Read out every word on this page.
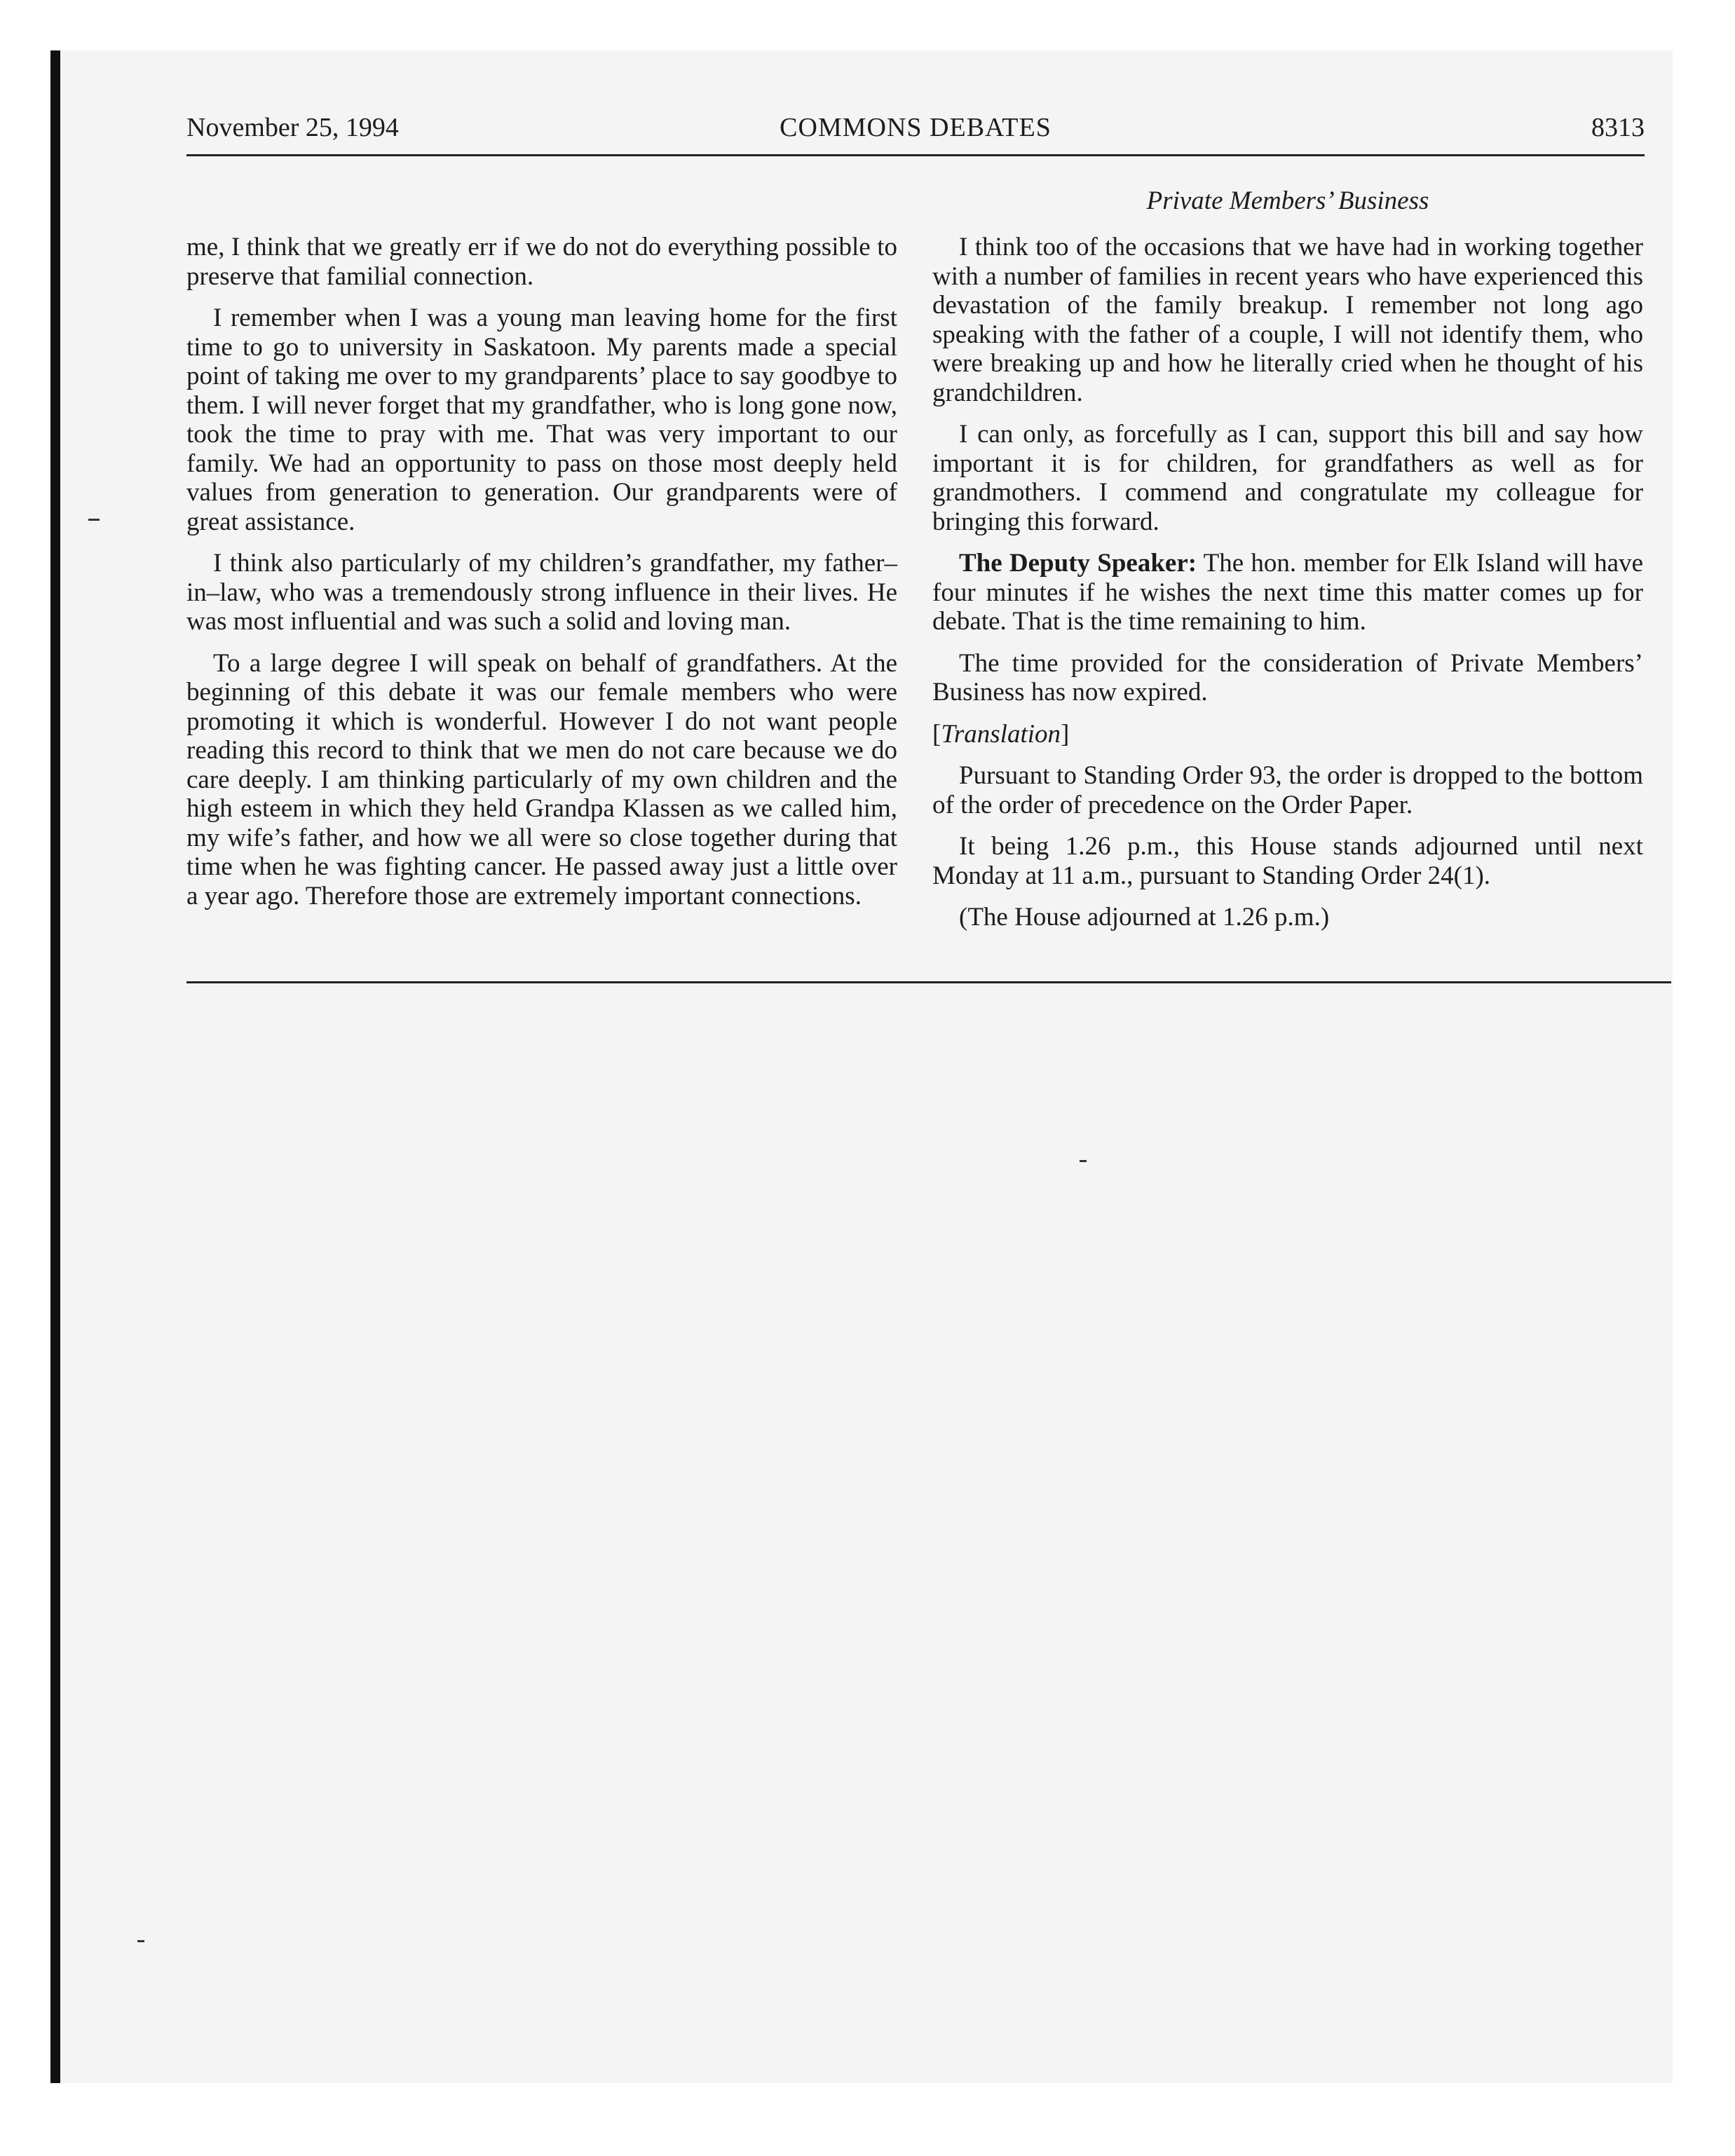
November 25, 1994	COMMONS DEBATES	8313
Private Members’ Business

me, I think that we greatly err if we do not do everything possible to preserve that familial connection.

I remember when I was a young man leaving home for the first time to go to university in Saskatoon. My parents made a special point of taking me over to my grandparents’ place to say goodbye to them. I will never forget that my grandfather, who is long gone now, took the time to pray with me. That was very important to our family. We had an opportunity to pass on those most deeply held values from generation to generation. Our grandparents were of great assistance.

I think also particularly of my children’s grandfather, my father–in–law, who was a tremendously strong influence in their lives. He was most influential and was such a solid and loving man.

To a large degree I will speak on behalf of grandfathers. At the beginning of this debate it was our female members who were promoting it which is wonderful. However I do not want people reading this record to think that we men do not care because we do care deeply. I am thinking particularly of my own children and the high esteem in which they held Grandpa Klassen as we called him, my wife’s father, and how we all were so close together during that time when he was fighting cancer. He passed away just a little over a year ago. Therefore those are extremely important connections.

I think too of the occasions that we have had in working together with a number of families in recent years who have experienced this devastation of the family breakup. I remember not long ago speaking with the father of a couple, I will not identify them, who were breaking up and how he literally cried when he thought of his grandchildren.

I can only, as forcefully as I can, support this bill and say how important it is for children, for grandfathers as well as for grandmothers. I commend and congratulate my colleague for bringing this forward.

The Deputy Speaker: The hon. member for Elk Island will have four minutes if he wishes the next time this matter comes up for debate. That is the time remaining to him.

The time provided for the consideration of Private Members’ Business has now expired.

[Translation]

Pursuant to Standing Order 93, the order is dropped to the bottom of the order of precedence on the Order Paper.

It being 1.26 p.m., this House stands adjourned until next Monday at 11 a.m., pursuant to Standing Order 24(1).

(The House adjourned at 1.26 p.m.)
